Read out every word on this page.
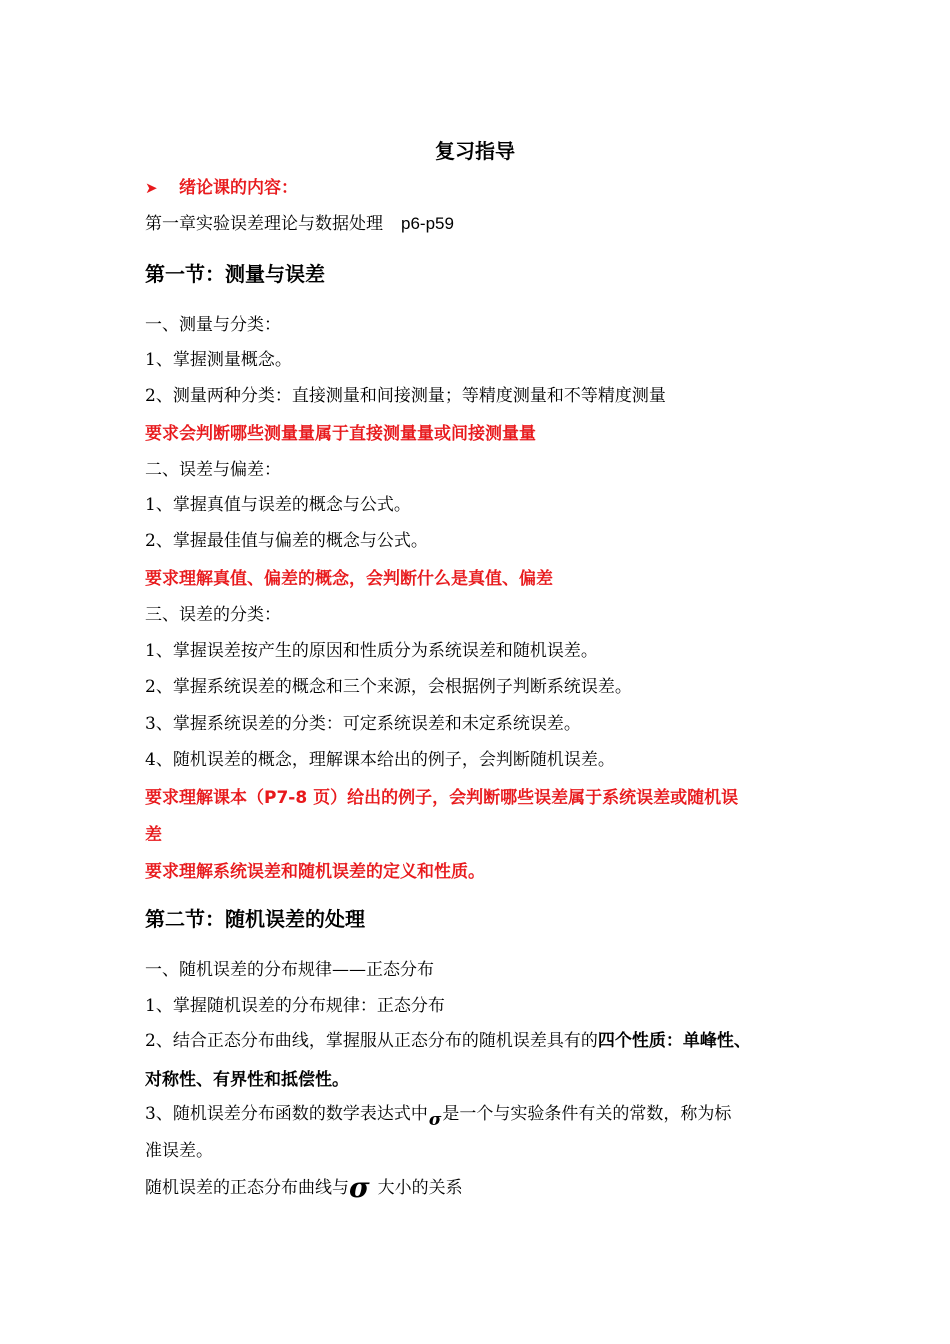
复习指导
➤ 绪论课的内容：
第一章实验误差理论与数据处理 p6-p59
第一节：测量与误差
一、测量与分类：
1、掌握测量概念。
2、测量两种分类：直接测量和间接测量；等精度测量和不等精度测量
要求会判断哪些测量量属于直接测量量或间接测量量
二、误差与偏差：
1、掌握真值与误差的概念与公式。
2、掌握最佳值与偏差的概念与公式。
要求理解真值、偏差的概念，会判断什么是真值、偏差
三、误差的分类：
1、掌握误差按产生的原因和性质分为系统误差和随机误差。
2、掌握系统误差的概念和三个来源，会根据例子判断系统误差。
3、掌握系统误差的分类：可定系统误差和未定系统误差。
4、随机误差的概念，理解课本给出的例子，会判断随机误差。
要求理解课本（P7-8 页）给出的例子，会判断哪些误差属于系统误差或随机误
差
要求理解系统误差和随机误差的定义和性质。
第二节：随机误差的处理
一、随机误差的分布规律——正态分布
1、掌握随机误差的分布规律：正态分布
2、结合正态分布曲线，掌握服从正态分布的随机误差具有的四个性质：单峰性、
对称性、有界性和抵偿性。
3、随机误差分布函数的数学表达式中σ是一个与实验条件有关的常数，称为标
准误差。
随机误差的正态分布曲线与σ 大小的关系
